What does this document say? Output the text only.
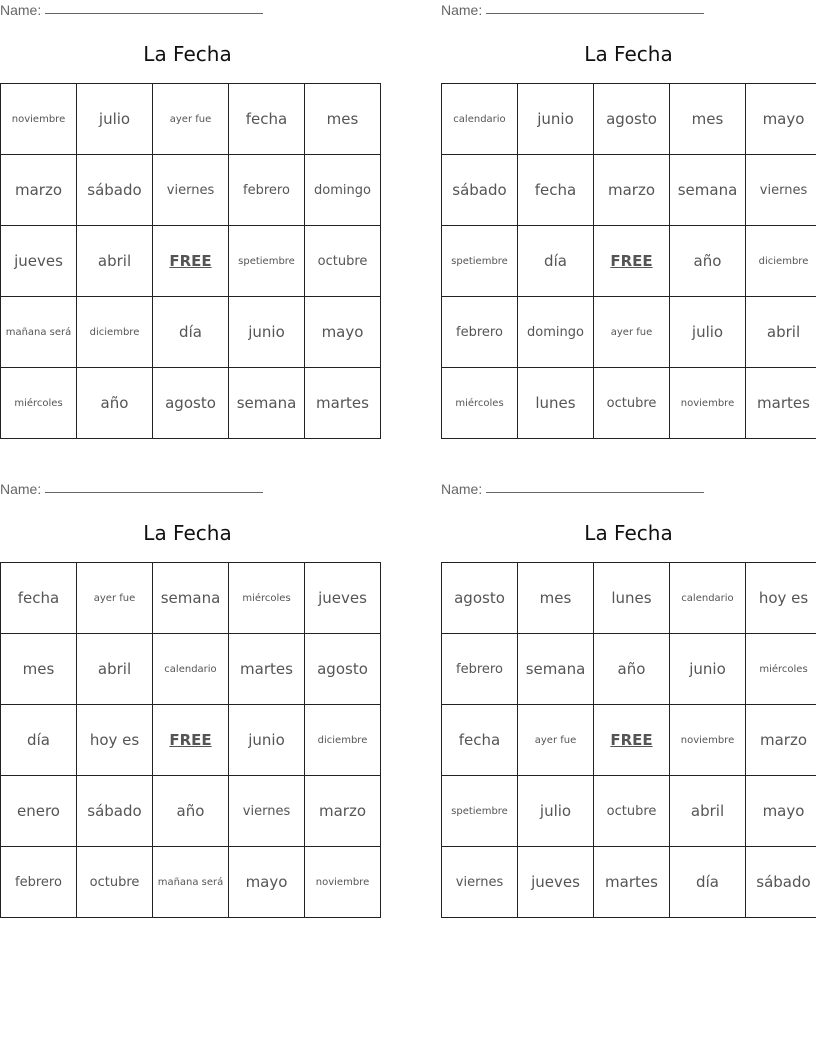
Name:
La Fecha
noviembre	julio	ayer fue	fecha	mes
marzo	sábado	viernes	febrero	domingo
jueves	abril	FREE	spetiembre	octubre
mañana será	diciembre	día	junio	mayo
miércoles	año	agosto	semana	martes
Name:
La Fecha
calendario	junio	agosto	mes	mayo
sábado	fecha	marzo	semana	viernes
spetiembre	día	FREE	año	diciembre
febrero	domingo	ayer fue	julio	abril
miércoles	lunes	octubre	noviembre	martes
Name:
La Fecha
fecha	ayer fue	semana	miércoles	jueves
mes	abril	calendario	martes	agosto
día	hoy es	FREE	junio	diciembre
enero	sábado	año	viernes	marzo
febrero	octubre	mañana será	mayo	noviembre
Name:
La Fecha
agosto	mes	lunes	calendario	hoy es
febrero	semana	año	junio	miércoles
fecha	ayer fue	FREE	noviembre	marzo
spetiembre	julio	octubre	abril	mayo
viernes	jueves	martes	día	sábado
